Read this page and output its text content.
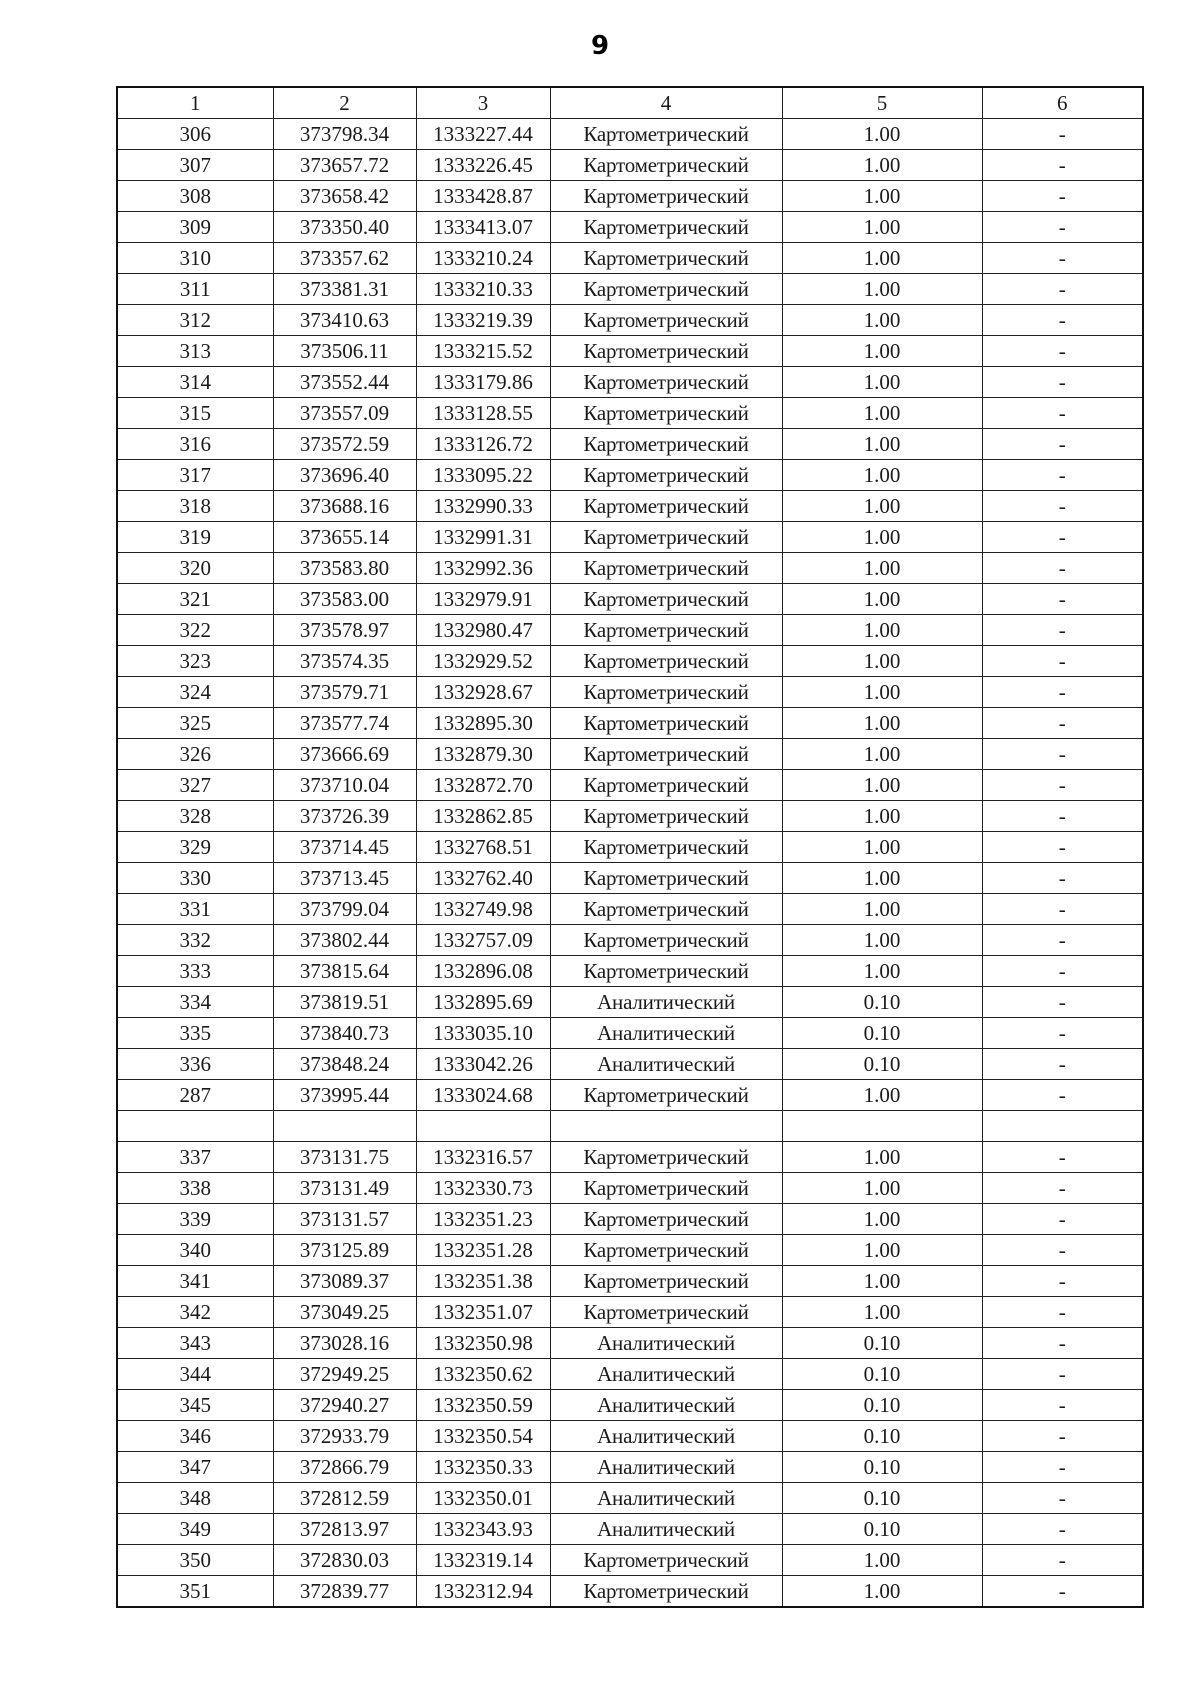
9
1	2	3	4	5	6
306	373798.34	1333227.44	Картометрический	1.00	-
307	373657.72	1333226.45	Картометрический	1.00	-
308	373658.42	1333428.87	Картометрический	1.00	-
309	373350.40	1333413.07	Картометрический	1.00	-
310	373357.62	1333210.24	Картометрический	1.00	-
311	373381.31	1333210.33	Картометрический	1.00	-
312	373410.63	1333219.39	Картометрический	1.00	-
313	373506.11	1333215.52	Картометрический	1.00	-
314	373552.44	1333179.86	Картометрический	1.00	-
315	373557.09	1333128.55	Картометрический	1.00	-
316	373572.59	1333126.72	Картометрический	1.00	-
317	373696.40	1333095.22	Картометрический	1.00	-
318	373688.16	1332990.33	Картометрический	1.00	-
319	373655.14	1332991.31	Картометрический	1.00	-
320	373583.80	1332992.36	Картометрический	1.00	-
321	373583.00	1332979.91	Картометрический	1.00	-
322	373578.97	1332980.47	Картометрический	1.00	-
323	373574.35	1332929.52	Картометрический	1.00	-
324	373579.71	1332928.67	Картометрический	1.00	-
325	373577.74	1332895.30	Картометрический	1.00	-
326	373666.69	1332879.30	Картометрический	1.00	-
327	373710.04	1332872.70	Картометрический	1.00	-
328	373726.39	1332862.85	Картометрический	1.00	-
329	373714.45	1332768.51	Картометрический	1.00	-
330	373713.45	1332762.40	Картометрический	1.00	-
331	373799.04	1332749.98	Картометрический	1.00	-
332	373802.44	1332757.09	Картометрический	1.00	-
333	373815.64	1332896.08	Картометрический	1.00	-
334	373819.51	1332895.69	Аналитический	0.10	-
335	373840.73	1333035.10	Аналитический	0.10	-
336	373848.24	1333042.26	Аналитический	0.10	-
287	373995.44	1333024.68	Картометрический	1.00	-

337	373131.75	1332316.57	Картометрический	1.00	-
338	373131.49	1332330.73	Картометрический	1.00	-
339	373131.57	1332351.23	Картометрический	1.00	-
340	373125.89	1332351.28	Картометрический	1.00	-
341	373089.37	1332351.38	Картометрический	1.00	-
342	373049.25	1332351.07	Картометрический	1.00	-
343	373028.16	1332350.98	Аналитический	0.10	-
344	372949.25	1332350.62	Аналитический	0.10	-
345	372940.27	1332350.59	Аналитический	0.10	-
346	372933.79	1332350.54	Аналитический	0.10	-
347	372866.79	1332350.33	Аналитический	0.10	-
348	372812.59	1332350.01	Аналитический	0.10	-
349	372813.97	1332343.93	Аналитический	0.10	-
350	372830.03	1332319.14	Картометрический	1.00	-
351	372839.77	1332312.94	Картометрический	1.00	-
